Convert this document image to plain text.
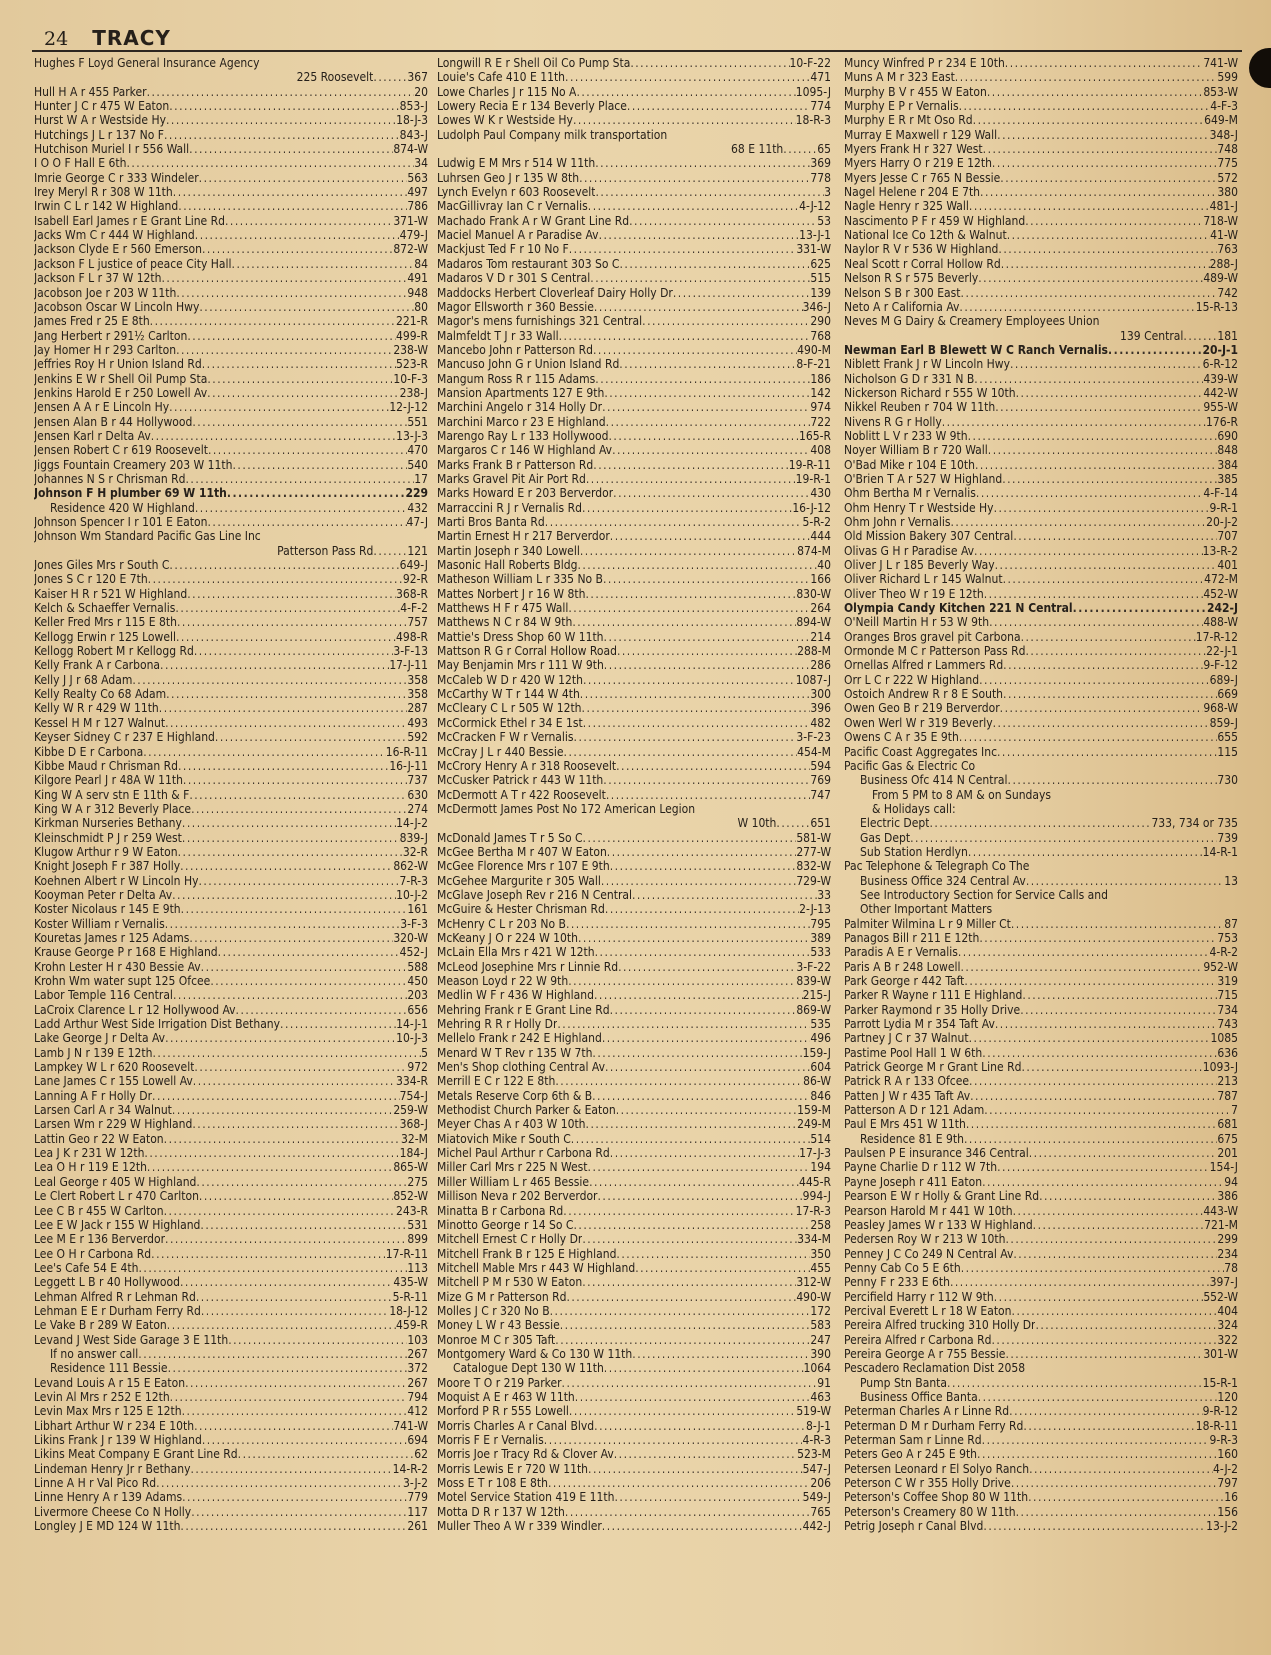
24 TRACY
Hughes F Loyd General Insurance Agency
225 Roosevelt .....	367
Hull H A r 455 Parker .....	20
Hunter J C r 475 W Eaton .....	853-J
Hurst W A r Westside Hy .....	18-J-3
Hutchings J L r 137 No F .....	843-J
Hutchison Muriel I r 556 Wall .....	874-W
I O O F Hall E 6th .....	34
Imrie George C r 333 Windeler .....	563
Irey Meryl R r 308 W 11th .....	497
Irwin C L r 142 W Highland .....	786
Isabell Earl James r E Grant Line Rd .....	371-W
Jacks Wm C r 444 W Highland .....	479-J
Jackson Clyde E r 560 Emerson .....	872-W
Jackson F L justice of peace City Hall .....	84
Jackson F L r 37 W 12th .....	491
Jacobson Joe r 203 W 11th .....	948
Jacobson Oscar W Lincoln Hwy .....	80
James Fred r 25 E 8th .....	221-R
Jang Herbert r 291½ Carlton .....	499-R
Jay Homer H r 293 Carlton .....	238-W
Jeffries Roy H r Union Island Rd .....	523-R
Jenkins E W r Shell Oil Pump Sta .....	10-F-3
Jenkins Harold E r 250 Lowell Av .....	238-J
Jensen A A r E Lincoln Hy .....	12-J-12
Jensen Alan B r 44 Hollywood .....	551
Jensen Karl r Delta Av .....	13-J-3
Jensen Robert C r 619 Roosevelt .....	470
Jiggs Fountain Creamery 203 W 11th .....	540
Johannes N S r Chrisman Rd .....	17
Johnson F H plumber 69 W 11th .....	229
Residence 420 W Highland .....	432
Johnson Spencer I r 101 E Eaton .....	47-J
Johnson Wm Standard Pacific Gas Line Inc
Patterson Pass Rd .....	121
Jones Giles Mrs r South C .....	649-J
Jones S C r 120 E 7th .....	92-R
Kaiser H R r 521 W Highland .....	368-R
Kelch & Schaeffer Vernalis .....	4-F-2
Keller Fred Mrs r 115 E 8th .....	757
Kellogg Erwin r 125 Lowell .....	498-R
Kellogg Robert M r Kellogg Rd .....	3-F-13
Kelly Frank A r Carbona .....	17-J-11
Kelly J J r 68 Adam .....	358
Kelly Realty Co 68 Adam .....	358
Kelly W R r 429 W 11th .....	287
Kessel H M r 127 Walnut .....	493
Keyser Sidney C r 237 E Highland .....	592
Kibbe D E r Carbona .....	16-R-11
Kibbe Maud r Chrisman Rd .....	16-J-11
Kilgore Pearl J r 48A W 11th .....	737
King W A serv stn E 11th & F .....	630
King W A r 312 Beverly Place .....	274
Kirkman Nurseries Bethany .....	14-J-2
Kleinschmidt P J r 259 West .....	839-J
Klugow Arthur r 9 W Eaton .....	32-R
Knight Joseph F r 387 Holly .....	862-W
Koehnen Albert r W Lincoln Hy .....	7-R-3
Kooyman Peter r Delta Av .....	10-J-2
Koster Nicolaus r 145 E 9th .....	161
Koster William r Vernalis .....	3-F-3
Kouretas James r 125 Adams .....	320-W
Krause George P r 168 E Highland .....	452-J
Krohn Lester H r 430 Bessie Av .....	588
Krohn Wm water supt 125 Ofcee .....	450
Labor Temple 116 Central .....	203
LaCroix Clarence L r 12 Hollywood Av .....	656
Ladd Arthur West Side Irrigation Dist Bethany .....	14-J-1
Lake George J r Delta Av .....	10-J-3
Lamb J N r 139 E 12th .....	5
Lampkey W L r 620 Roosevelt .....	972
Lane James C r 155 Lowell Av .....	334-R
Lanning A F r Holly Dr .....	754-J
Larsen Carl A r 34 Walnut .....	259-W
Larsen Wm r 229 W Highland .....	368-J
Lattin Geo r 22 W Eaton .....	32-M
Lea J K r 231 W 12th .....	184-J
Lea O H r 119 E 12th .....	865-W
Leal George r 405 W Highland .....	275
Le Clert Robert L r 470 Carlton .....	852-W
Lee C B r 455 W Carlton .....	243-R
Lee E W Jack r 155 W Highland .....	531
Lee M E r 136 Berverdor .....	899
Lee O H r Carbona Rd .....	17-R-11
Lee's Cafe 54 E 4th .....	113
Leggett L B r 40 Hollywood .....	435-W
Lehman Alfred R r Lehman Rd .....	5-R-11
Lehman E E r Durham Ferry Rd .....	18-J-12
Le Vake B r 289 W Eaton .....	459-R
Levand J West Side Garage 3 E 11th .....	103
If no answer call .....	267
Residence 111 Bessie .....	372
Levand Louis A r 15 E Eaton .....	267
Levin Al Mrs r 252 E 12th .....	794
Levin Max Mrs r 125 E 12th .....	412
Libhart Arthur W r 234 E 10th .....	741-W
Likins Frank J r 139 W Highland .....	694
Likins Meat Company E Grant Line Rd .....	62
Lindeman Henry Jr r Bethany .....	14-R-2
Linne A H r Val Pico Rd .....	3-J-2
Linne Henry A r 139 Adams .....	779
Livermore Cheese Co N Holly .....	117
Longley J E MD 124 W 11th .....	261
Longwill R E r Shell Oil Co Pump Sta .....	10-F-22
Louie's Cafe 410 E 11th .....	471
Lowe Charles J r 115 No A .....	1095-J
Lowery Recia E r 134 Beverly Place .....	774
Lowes W K r Westside Hy .....	18-R-3
Ludolph Paul Company milk transportation
68 E 11th .....	65
Ludwig E M Mrs r 514 W 11th .....	369
Luhrsen Geo J r 135 W 8th .....	778
Lynch Evelyn r 603 Roosevelt .....	3
MacGillivray Ian C r Vernalis .....	4-J-12
Machado Frank A r W Grant Line Rd .....	53
Maciel Manuel A r Paradise Av .....	13-J-1
Mackjust Ted F r 10 No F .....	331-W
Madaros Tom restaurant 303 So C .....	625
Madaros V D r 301 S Central .....	515
Maddocks Herbert Cloverleaf Dairy Holly Dr .....	139
Magor Ellsworth r 360 Bessie .....	346-J
Magor's mens furnishings 321 Central .....	290
Malmfeldt T J r 33 Wall .....	768
Mancebo John r Patterson Rd .....	490-M
Mancuso John G r Union Island Rd .....	8-F-21
Mangum Ross R r 115 Adams .....	186
Mansion Apartments 127 E 9th .....	142
Marchini Angelo r 314 Holly Dr .....	974
Marchini Marco r 23 E Highland .....	722
Marengo Ray L r 133 Hollywood .....	165-R
Margaros C r 146 W Highland Av .....	408
Marks Frank B r Patterson Rd .....	19-R-11
Marks Gravel Pit Air Port Rd .....	19-R-1
Marks Howard E r 203 Berverdor .....	430
Marraccini R J r Vernalis Rd .....	16-J-12
Marti Bros Banta Rd .....	5-R-2
Martin Ernest H r 217 Berverdor .....	444
Martin Joseph r 340 Lowell .....	874-M
Masonic Hall Roberts Bldg .....	40
Matheson William L r 335 No B .....	166
Mattes Norbert J r 16 W 8th .....	830-W
Matthews H F r 475 Wall .....	264
Matthews N C r 84 W 9th .....	894-W
Mattie's Dress Shop 60 W 11th .....	214
Mattson R G r Corral Hollow Road .....	288-M
May Benjamin Mrs r 111 W 9th .....	286
McCaleb W D r 420 W 12th .....	1087-J
McCarthy W T r 144 W 4th .....	300
McCleary C L r 505 W 12th .....	396
McCormick Ethel r 34 E 1st .....	482
McCracken F W r Vernalis .....	3-F-23
McCray J L r 440 Bessie .....	454-M
McCrory Henry A r 318 Roosevelt .....	594
McCusker Patrick r 443 W 11th .....	769
McDermott A T r 422 Roosevelt .....	747
McDermott James Post No 172 American Legion
W 10th .....	651
McDonald James T r 5 So C .....	581-W
McGee Bertha M r 407 W Eaton .....	277-W
McGee Florence Mrs r 107 E 9th .....	832-W
McGehee Margurite r 305 Wall .....	729-W
McGlave Joseph Rev r 216 N Central .....	33
McGuire & Hester Chrisman Rd .....	2-J-13
McHenry C L r 203 No B .....	795
McKeany J O r 224 W 10th .....	389
McLain Ella Mrs r 421 W 12th .....	533
McLeod Josephine Mrs r Linnie Rd .....	3-F-22
Meason Loyd r 22 W 9th .....	839-W
Medlin W F r 436 W Highland .....	215-J
Mehring Frank r E Grant Line Rd .....	869-W
Mehring R R r Holly Dr .....	535
Mellelo Frank r 242 E Highland .....	496
Menard W T Rev r 135 W 7th .....	159-J
Men's Shop clothing Central Av .....	604
Merrill E C r 122 E 8th .....	86-W
Metals Reserve Corp 6th & B .....	846
Methodist Church Parker & Eaton .....	159-M
Meyer Chas A r 403 W 10th .....	249-M
Miatovich Mike r South C .....	514
Michel Paul Arthur r Carbona Rd .....	17-J-3
Miller Carl Mrs r 225 N West .....	194
Miller William L r 465 Bessie .....	445-R
Millison Neva r 202 Berverdor .....	994-J
Minatta B r Carbona Rd .....	17-R-3
Minotto George r 14 So C .....	258
Mitchell Ernest C r Holly Dr .....	334-M
Mitchell Frank B r 125 E Highland .....	350
Mitchell Mable Mrs r 443 W Highland .....	455
Mitchell P M r 530 W Eaton .....	312-W
Mize G M r Patterson Rd .....	490-W
Molles J C r 320 No B .....	172
Money L W r 43 Bessie .....	583
Monroe M C r 305 Taft .....	247
Montgomery Ward & Co 130 W 11th .....	390
Catalogue Dept 130 W 11th .....	1064
Moore T O r 219 Parker .....	91
Moquist A E r 463 W 11th .....	463
Morford P R r 555 Lowell .....	519-W
Morris Charles A r Canal Blvd .....	8-J-1
Morris F E r Vernalis .....	4-R-3
Morris Joe r Tracy Rd & Clover Av .....	523-M
Morris Lewis E r 720 W 11th .....	547-J
Moss E T r 108 E 8th .....	206
Motel Service Station 419 E 11th .....	549-J
Motta D R r 137 W 12th .....	765
Muller Theo A W r 339 Windler .....	442-J
Muncy Winfred P r 234 E 10th .....	741-W
Muns A M r 323 East .....	599
Murphy B V r 455 W Eaton .....	853-W
Murphy E P r Vernalis .....	4-F-3
Murphy E R r Mt Oso Rd .....	649-M
Murray E Maxwell r 129 Wall .....	348-J
Myers Frank H r 327 West .....	748
Myers Harry O r 219 E 12th .....	775
Myers Jesse C r 765 N Bessie .....	572
Nagel Helene r 204 E 7th .....	380
Nagle Henry r 325 Wall .....	481-J
Nascimento P F r 459 W Highland .....	718-W
National Ice Co 12th & Walnut .....	41-W
Naylor R V r 536 W Highland .....	763
Neal Scott r Corral Hollow Rd .....	288-J
Nelson R S r 575 Beverly .....	489-W
Nelson S B r 300 East .....	742
Neto A r California Av .....	15-R-13
Neves M G Dairy & Creamery Employees Union
139 Central .....	181
Newman Earl B Blewett W C Ranch Vernalis .....	20-J-1
Niblett Frank J r W Lincoln Hwy .....	6-R-12
Nicholson G D r 331 N B .....	439-W
Nickerson Richard r 555 W 10th .....	442-W
Nikkel Reuben r 704 W 11th .....	955-W
Nivens R G r Holly .....	176-R
Noblitt L V r 233 W 9th .....	690
Noyer William B r 720 Wall .....	848
O'Bad Mike r 104 E 10th .....	384
O'Brien T A r 527 W Highland .....	385
Ohm Bertha M r Vernalis .....	4-F-14
Ohm Henry T r Westside Hy .....	9-R-1
Ohm John r Vernalis .....	20-J-2
Old Mission Bakery 307 Central .....	707
Olivas G H r Paradise Av .....	13-R-2
Oliver J L r 185 Beverly Way .....	401
Oliver Richard L r 145 Walnut .....	472-M
Oliver Theo W r 19 E 12th .....	452-W
Olympia Candy Kitchen 221 N Central .....	242-J
O'Neill Martin H r 53 W 9th .....	488-W
Oranges Bros gravel pit Carbona .....	17-R-12
Ormonde M C r Patterson Pass Rd .....	22-J-1
Ornellas Alfred r Lammers Rd .....	9-F-12
Orr L C r 222 W Highland .....	689-J
Ostoich Andrew R r 8 E South .....	669
Owen Geo B r 219 Berverdor .....	968-W
Owen Werl W r 319 Beverly .....	859-J
Owens C A r 35 E 9th .....	655
Pacific Coast Aggregates Inc .....	115
Pacific Gas & Electric Co
Business Ofc 414 N Central .....	730
From 5 PM to 8 AM & on Sundays
& Holidays call:
Electric Dept .....	733, 734 or 735
Gas Dept .....	739
Sub Station Herdlyn .....	14-R-1
Pac Telephone & Telegraph Co The
Business Office 324 Central Av .....	13
See Introductory Section for Service Calls and
Other Important Matters
Palmiter Wilmina L r 9 Miller Ct .....	87
Panagos Bill r 211 E 12th .....	753
Paradis A E r Vernalis .....	4-R-2
Paris A B r 248 Lowell .....	952-W
Park George r 442 Taft .....	319
Parker R Wayne r 111 E Highland .....	715
Parker Raymond r 35 Holly Drive .....	734
Parrott Lydia M r 354 Taft Av .....	743
Partney J C r 37 Walnut .....	1085
Pastime Pool Hall 1 W 6th .....	636
Patrick George M r Grant Line Rd .....	1093-J
Patrick R A r 133 Ofcee .....	213
Patten J W r 435 Taft Av .....	787
Patterson A D r 121 Adam .....	7
Paul E Mrs 451 W 11th .....	681
Residence 81 E 9th .....	675
Paulsen P E insurance 346 Central .....	201
Payne Charlie D r 112 W 7th .....	154-J
Payne Joseph r 411 Eaton .....	94
Pearson E W r Holly & Grant Line Rd .....	386
Pearson Harold M r 441 W 10th .....	443-W
Peasley James W r 133 W Highland .....	721-M
Pedersen Roy W r 213 W 10th .....	299
Penney J C Co 249 N Central Av .....	234
Penny Cab Co 5 E 6th .....	78
Penny F r 233 E 6th .....	397-J
Percifield Harry r 112 W 9th .....	552-W
Percival Everett L r 18 W Eaton .....	404
Pereira Alfred trucking 310 Holly Dr .....	324
Pereira Alfred r Carbona Rd .....	322
Pereira George A r 755 Bessie .....	301-W
Pescadero Reclamation Dist 2058
Pump Stn Banta .....	15-R-1
Business Office Banta .....	120
Peterman Charles A r Linne Rd .....	9-R-12
Peterman D M r Durham Ferry Rd .....	18-R-11
Peterman Sam r Linne Rd .....	9-R-3
Peters Geo A r 245 E 9th .....	160
Petersen Leonard r El Solyo Ranch .....	4-J-2
Peterson C W r 355 Holly Drive .....	797
Peterson's Coffee Shop 80 W 11th .....	16
Peterson's Creamery 80 W 11th .....	156
Petrig Joseph r Canal Blvd .....	13-J-2
